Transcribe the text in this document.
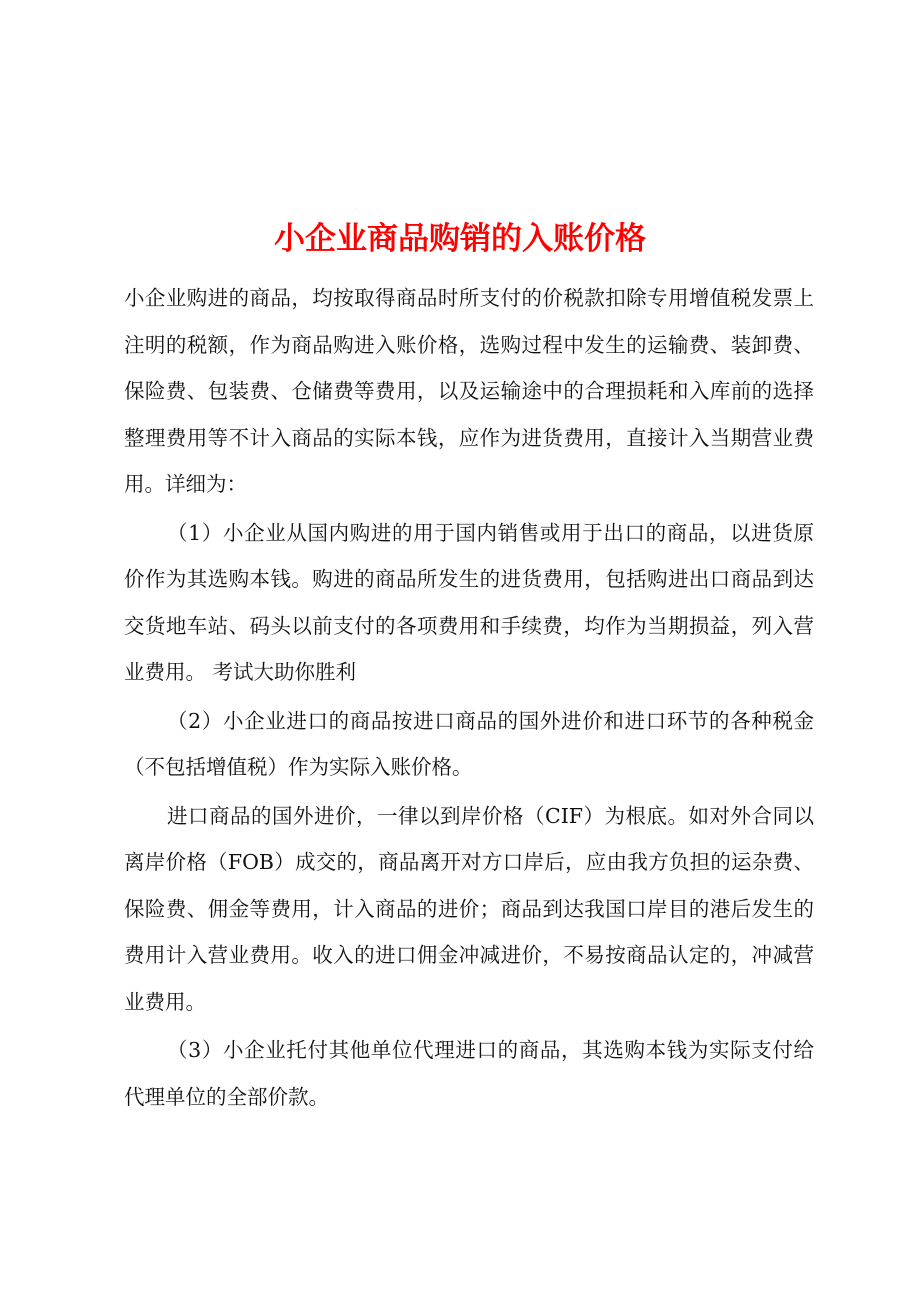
小企业商品购销的入账价格

小企业购进的商品，均按取得商品时所支付的价税款扣除专用增值税发票上注明的税额，作为商品购进入账价格，选购过程中发生的运输费、装卸费、保险费、包装费、仓储费等费用，以及运输途中的合理损耗和入库前的选择整理费用等不计入商品的实际本钱，应作为进货费用，直接计入当期营业费用。详细为：

（1）小企业从国内购进的用于国内销售或用于出口的商品，以进货原价作为其选购本钱。购进的商品所发生的进货费用，包括购进出口商品到达交货地车站、码头以前支付的各项费用和手续费，均作为当期损益，列入营业费用。 考试大助你胜利

（2）小企业进口的商品按进口商品的国外进价和进口环节的各种税金（不包括增值税）作为实际入账价格。

进口商品的国外进价，一律以到岸价格（CIF）为根底。如对外合同以离岸价格（FOB）成交的，商品离开对方口岸后，应由我方负担的运杂费、保险费、佣金等费用，计入商品的进价；商品到达我国口岸目的港后发生的费用计入营业费用。收入的进口佣金冲减进价，不易按商品认定的，冲减营业费用。

（3）小企业托付其他单位代理进口的商品，其选购本钱为实际支付给代理单位的全部价款。
